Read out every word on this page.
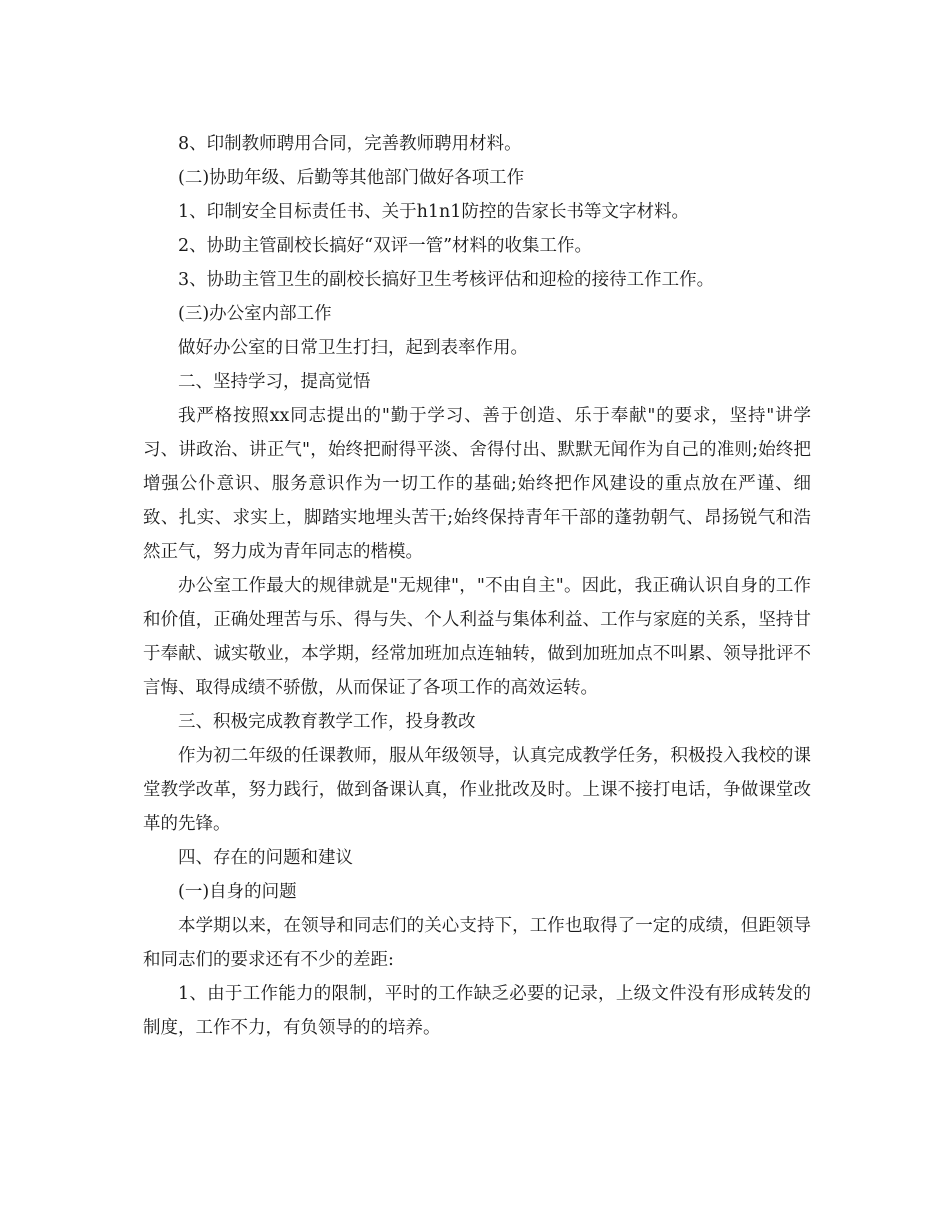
8、印制教师聘用合同，完善教师聘用材料。

(二)协助年级、后勤等其他部门做好各项工作

1、印制安全目标责任书、关于h1n1防控的告家长书等文字材料。

2、协助主管副校长搞好“双评一管”材料的收集工作。

3、协助主管卫生的副校长搞好卫生考核评估和迎检的接待工作工作。

(三)办公室内部工作

做好办公室的日常卫生打扫，起到表率作用。

二、坚持学习，提高觉悟

我严格按照xx同志提出的"勤于学习、善于创造、乐于奉献"的要求，坚持"讲学习、讲政治、讲正气"，始终把耐得平淡、舍得付出、默默无闻作为自己的准则;始终把增强公仆意识、服务意识作为一切工作的基础;始终把作风建设的重点放在严谨、细致、扎实、求实上，脚踏实地埋头苦干;始终保持青年干部的蓬勃朝气、昂扬锐气和浩然正气，努力成为青年同志的楷模。

办公室工作最大的规律就是"无规律"，"不由自主"。因此，我正确认识自身的工作和价值，正确处理苦与乐、得与失、个人利益与集体利益、工作与家庭的关系，坚持甘于奉献、诚实敬业，本学期，经常加班加点连轴转，做到加班加点不叫累、领导批评不言悔、取得成绩不骄傲，从而保证了各项工作的高效运转。

三、积极完成教育教学工作，投身教改

作为初二年级的任课教师，服从年级领导，认真完成教学任务，积极投入我校的课堂教学改革，努力践行，做到备课认真，作业批改及时。上课不接打电话，争做课堂改革的先锋。

四、存在的问题和建议

(一)自身的问题

本学期以来，在领导和同志们的关心支持下，工作也取得了一定的成绩，但距领导和同志们的要求还有不少的差距:

1、由于工作能力的限制，平时的工作缺乏必要的记录，上级文件没有形成转发的制度，工作不力，有负领导的的培养。
